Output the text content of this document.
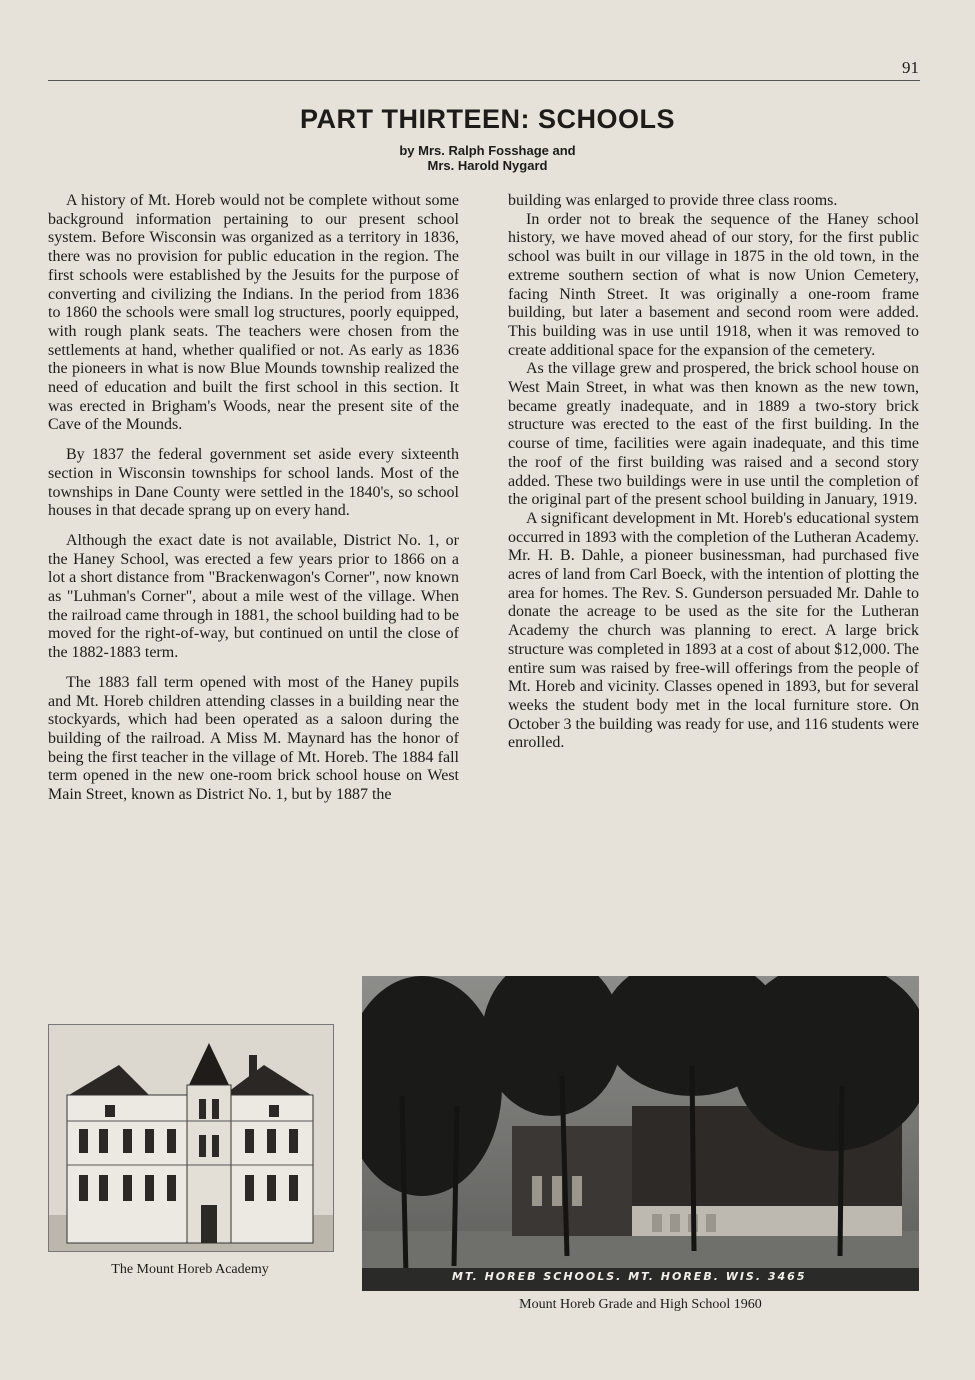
91
PART THIRTEEN: SCHOOLS
by Mrs. Ralph Fosshage and
Mrs. Harold Nygard

A history of Mt. Horeb would not be complete without some background information pertaining to our present school system. Before Wisconsin was organized as a territory in 1836, there was no provision for public education in the region. The first schools were established by the Jesuits for the purpose of converting and civilizing the Indians. In the period from 1836 to 1860 the schools were small log structures, poorly equipped, with rough plank seats. The teachers were chosen from the settlements at hand, whether qualified or not. As early as 1836 the pioneers in what is now Blue Mounds township realized the need of education and built the first school in this section. It was erected in Brigham's Woods, near the present site of the Cave of the Mounds.

By 1837 the federal government set aside every sixteenth section in Wisconsin townships for school lands. Most of the townships in Dane County were settled in the 1840's, so school houses in that decade sprang up on every hand.

Although the exact date is not available, District No. 1, or the Haney School, was erected a few years prior to 1866 on a lot a short distance from "Brackenwagon's Corner", now known as "Luhman's Corner", about a mile west of the village. When the railroad came through in 1881, the school building had to be moved for the right-of-way, but continued on until the close of the 1882-1883 term.

The 1883 fall term opened with most of the Haney pupils and Mt. Horeb children attending classes in a building near the stockyards, which had been operated as a saloon during the building of the railroad. A Miss M. Maynard has the honor of being the first teacher in the village of Mt. Horeb. The 1884 fall term opened in the new one-room brick school house on West Main Street, known as District No. 1, but by 1887 the

building was enlarged to provide three class rooms.

In order not to break the sequence of the Haney school history, we have moved ahead of our story, for the first public school was built in our village in 1875 in the old town, in the extreme southern section of what is now Union Cemetery, facing Ninth Street. It was originally a one-room frame building, but later a basement and second room were added. This building was in use until 1918, when it was removed to create additional space for the expansion of the cemetery.

As the village grew and prospered, the brick school house on West Main Street, in what was then known as the new town, became greatly inadequate, and in 1889 a two-story brick structure was erected to the east of the first building. In the course of time, facilities were again inadequate, and this time the roof of the first building was raised and a second story added. These two buildings were in use until the completion of the original part of the present school building in January, 1919.

A significant development in Mt. Horeb's educational system occurred in 1893 with the completion of the Lutheran Academy. Mr. H. B. Dahle, a pioneer businessman, had purchased five acres of land from Carl Boeck, with the intention of plotting the area for homes. The Rev. S. Gunderson persuaded Mr. Dahle to donate the acreage to be used as the site for the Lutheran Academy the church was planning to erect. A large brick structure was completed in 1893 at a cost of about $12,000. The entire sum was raised by free-will offerings from the people of Mt. Horeb and vicinity. Classes opened in 1893, but for several weeks the student body met in the local furniture store. On October 3 the building was ready for use, and 116 students were enrolled.

The Mount Horeb Academy	MT. HOREB SCHOOLS. MT. HOREB. WIS. 3465
Mount Horeb Grade and High School 1960
